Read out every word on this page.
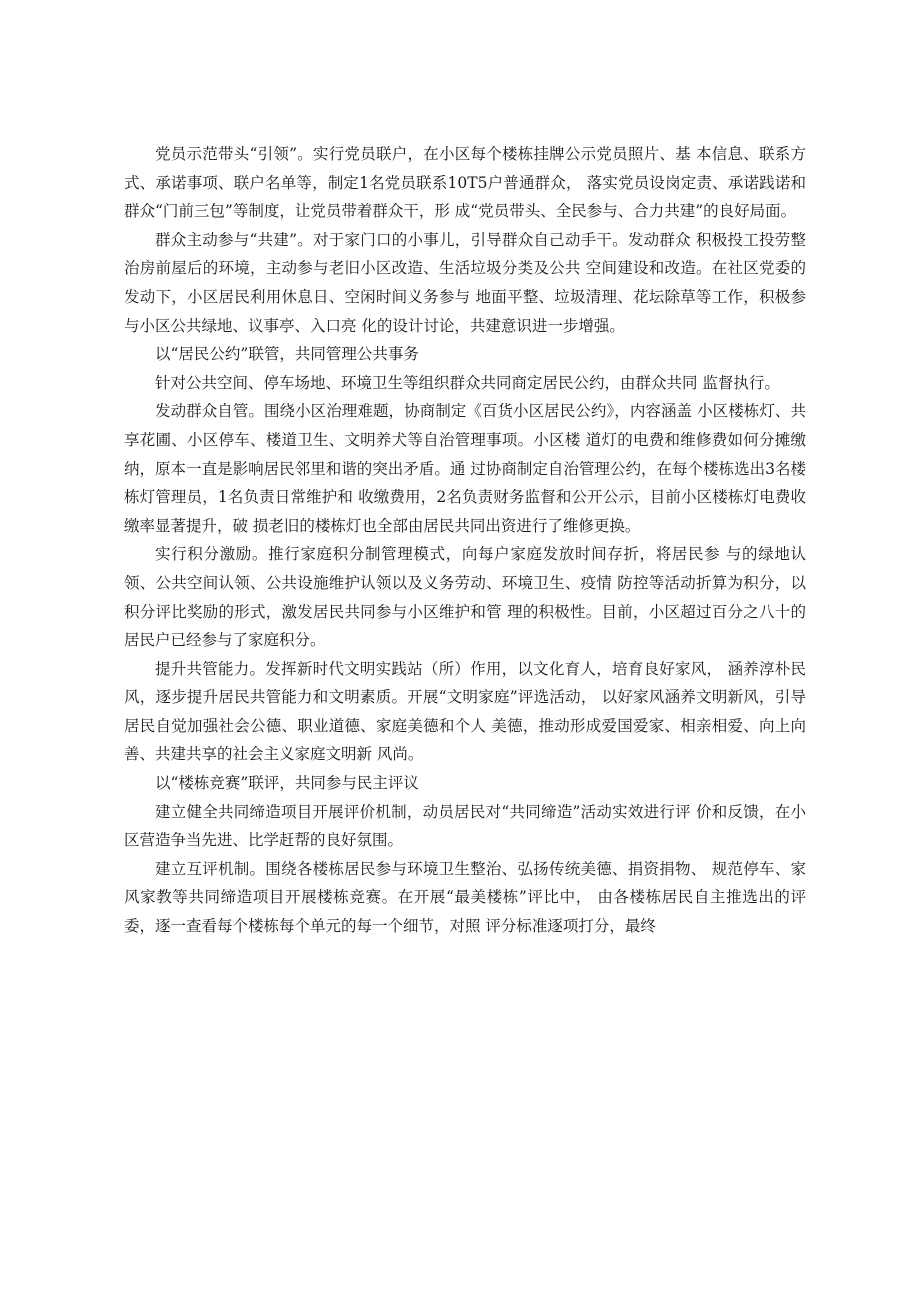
党员示范带头“引领”。实行党员联户，在小区每个楼栋挂牌公示党员照片、基 本信息、联系方式、承诺事项、联户名单等，制定1名党员联系10T5户普通群众， 落实党员设岗定责、承诺践诺和群众“门前三包”等制度，让党员带着群众干，形 成“党员带头、全民参与、合力共建”的良好局面。

群众主动参与“共建”。对于家门口的小事儿，引导群众自己动手干。发动群众 积极投工投劳整治房前屋后的环境，主动参与老旧小区改造、生活垃圾分类及公共 空间建设和改造。在社区党委的发动下，小区居民利用休息日、空闲时间义务参与 地面平整、垃圾清理、花坛除草等工作，积极参与小区公共绿地、议事亭、入口亮 化的设计讨论，共建意识进一步增强。

以“居民公约”联管，共同管理公共事务

针对公共空间、停车场地、环境卫生等组织群众共同商定居民公约，由群众共同 监督执行。

发动群众自管。围绕小区治理难题，协商制定《百货小区居民公约》，内容涵盖 小区楼栋灯、共享花圃、小区停车、楼道卫生、文明养犬等自治管理事项。小区楼 道灯的电费和维修费如何分摊缴纳，原本一直是影响居民邻里和谐的突出矛盾。通 过协商制定自治管理公约，在每个楼栋选出3名楼栋灯管理员，1名负责日常维护和 收缴费用，2名负责财务监督和公开公示，目前小区楼栋灯电费收缴率显著提升，破 损老旧的楼栋灯也全部由居民共同出资进行了维修更换。

实行积分激励。推行家庭积分制管理模式，向每户家庭发放时间存折，将居民参 与的绿地认领、公共空间认领、公共设施维护认领以及义务劳动、环境卫生、疫情 防控等活动折算为积分，以积分评比奖励的形式，激发居民共同参与小区维护和管 理的积极性。目前，小区超过百分之八十的居民户已经参与了家庭积分。

提升共管能力。发挥新时代文明实践站（所）作用，以文化育人，培育良好家风， 涵养淳朴民风，逐步提升居民共管能力和文明素质。开展“文明家庭”评选活动， 以好家风涵养文明新风，引导居民自觉加强社会公德、职业道德、家庭美德和个人 美德，推动形成爱国爱家、相亲相爱、向上向善、共建共享的社会主义家庭文明新 风尚。

以“楼栋竞赛”联评，共同参与民主评议

建立健全共同缔造项目开展评价机制，动员居民对“共同缔造”活动实效进行评 价和反馈，在小区营造争当先进、比学赶帮的良好氛围。

建立互评机制。围绕各楼栋居民参与环境卫生整治、弘扬传统美德、捐资捐物、 规范停车、家风家教等共同缔造项目开展楼栋竞赛。在开展“最美楼栋”评比中， 由各楼栋居民自主推选出的评委，逐一查看每个楼栋每个单元的每一个细节，对照 评分标准逐项打分，最终
